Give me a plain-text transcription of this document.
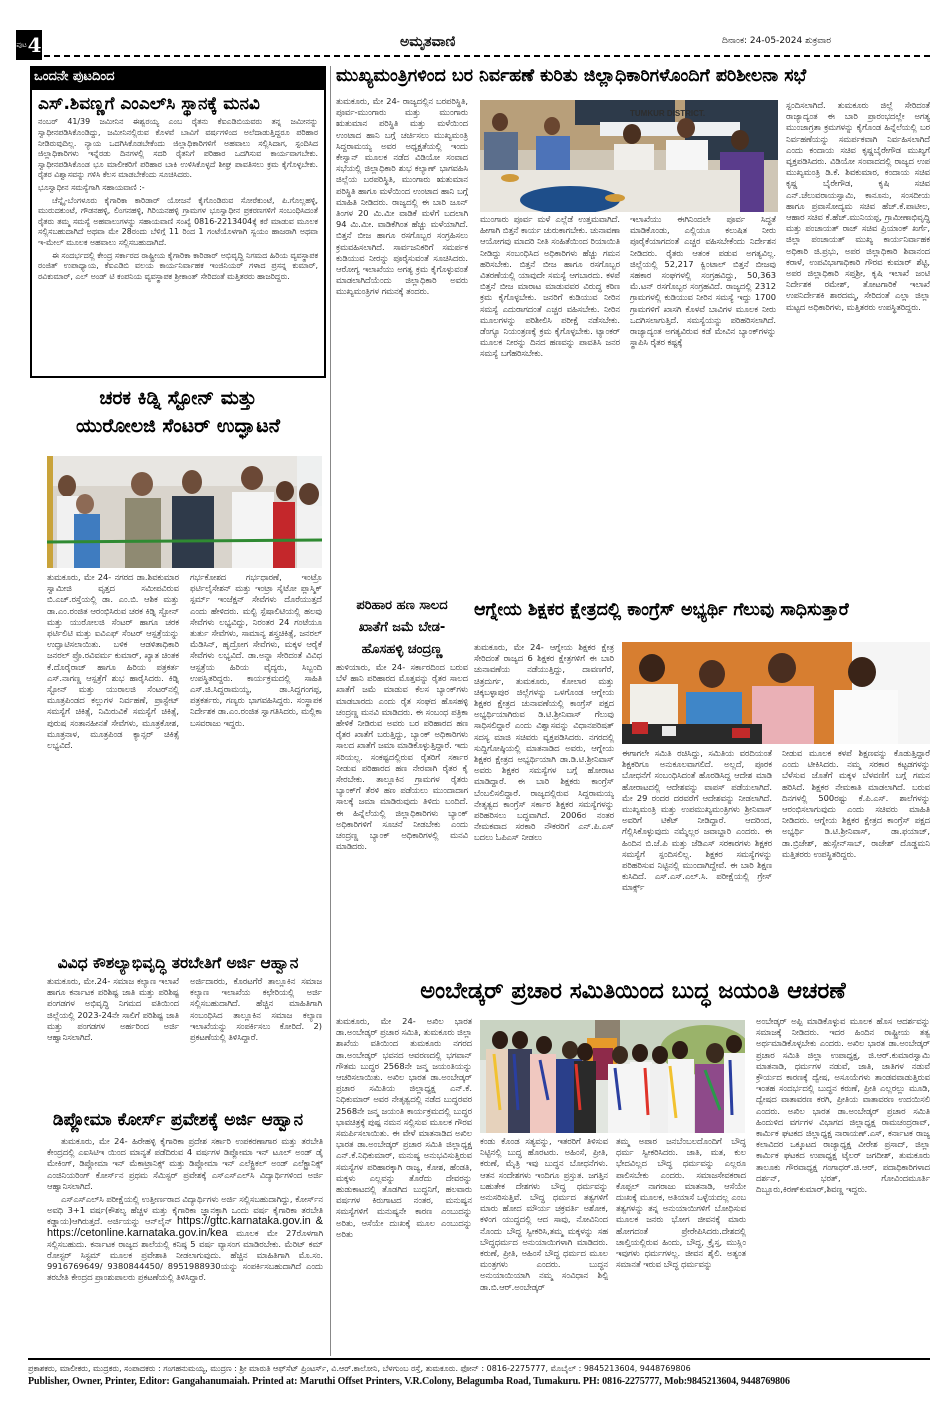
ಪುಟ 4	ಅಮೃತವಾಣಿ	ದಿನಾಂಕ: 24-05-2024 ಶುಕ್ರವಾರ
ಒಂದನೇ ಪುಟದಿಂದ
ಎಸ್.ಶಿವಣ್ಣಗೆ ಎಂಎಲ್‌ಸಿ ಸ್ಥಾನಕ್ಕೆ ಮನವಿ

ನಂಬರ್ 41/39 ಜಮೀನಿನ ಈಶ್ವರಯ್ಯ ಎಂಬ ರೈತನು ಕೆಐಎಡಿಬಿಯವರು ತನ್ನ ಜಮೀನನ್ನು ಸ್ವಾಧೀನಪಡಿಸಿಕೊಂಡಿದ್ದು, ಜಮೀನಿನಲ್ಲಿರುವ ಕೊಳವೆ ಬಾವಿಗೆ ವರ್ಷಗಳಿಂದ ಅಲೆದಾಡುತ್ತಿದ್ದರೂ ಪರಿಹಾರ ನೀಡಿರುವುದಿಲ್ಲ. ನ್ಯಾಯ ಒದಗಿಸಿಕೊಡಬೇಕೆಂದು ಜಿಲ್ಲಾಧಿಕಾರಿಗಳಿಗೆ ಅಹವಾಲು ಸಲ್ಲಿಸಿದಾಗ, ಸ್ಪಂದಿಸಿದ ಜಿಲ್ಲಾಧಿಕಾರಿಗಳು ಇನ್ನೆರಡು ದಿನಗಳಲ್ಲಿ ಸದರಿ ರೈತನಿಗೆ ಪರಿಹಾರ ಒದಗಿಸುವ ಕಾರ್ಯವಾಗಬೇಕು. ಸ್ವಾಧೀನಪಡಿಸಿಕೊಂಡ ಭೂ ಮಾಲೀಕರಿಗೆ ಪರಿಹಾರ ಬಾಕಿ ಉಳಿಸಿಕೊಳ್ಳದೆ ಶೀಘ್ರ ಪಾವತಿಸಲು ಕ್ರಮ ಕೈಗೊಳ್ಳಬೇಕು. ರೈತರ ವಿಶ್ವಾಸವನ್ನು ಗಳಿಸಿ ಕೆಲಸ ಮಾಡಬೇಕೆಂದು ಸೂಚಿಸಿದರು.

ಭೂಸ್ವಾಧೀನ ಸಮಸ್ಯೆಗಾಗಿ ಸಹಾಯವಾಣಿ :-

ಚೆನ್ನೈ-ಬೆಂಗಳೂರು ಕೈಗಾರಿಕಾ ಕಾರಿಡಾರ್ ಯೋಜನೆ ಕೈಗೊಂಡಿರುವ ಸೋರೆಕುಂಟೆ, ಪಿ.ಗೊಲ್ಲಹಳ್ಳಿ, ಮುರುದಕುಂಟೆ, ಗೌಡನಹಳ್ಳಿ, ಲಿಂಗನಹಳ್ಳಿ, ಗಿರಿಯನಹಳ್ಳಿ ಗ್ರಾಮಗಳ ಭೂಸ್ವಾಧೀನ ಪ್ರಕರಣಗಳಿಗೆ ಸಂಬಂಧಿಸಿದಂತೆ ರೈತರು ತಮ್ಮ ಸಮಸ್ಯೆ ಅಹವಾಲುಗಳನ್ನು ಸಹಾಯವಾಣಿ ಸಂಖ್ಯೆ 0816-2213404ಕ್ಕೆ ಕರೆ ಮಾಡುವ ಮೂಲಕ ಸಲ್ಲಿಸಬಹುದಾಗಿದೆ ಅಥವಾ ಮೇ 28ರಂದು ಬೆಳಿಗ್ಗೆ 11 ರಿಂದ 1 ಗಂಟೆಯೊಳಗಾಗಿ ಸ್ವಯಂ ಹಾಜರಾಗಿ ಅಥವಾ ಇ-ಮೇಲ್ ಮೂಲಕ ಅಹವಾಲು ಸಲ್ಲಿಸಬಹುದಾಗಿದೆ.

ಈ ಸಂದರ್ಭದಲ್ಲಿ ಕೇಂದ್ರ ಸರ್ಕಾರದ ರಾಷ್ಟ್ರೀಯ ಕೈಗಾರಿಕಾ ಕಾರಿಡಾರ್ ಅಭಿವೃದ್ಧಿ ನಿಗಮದ ಹಿರಿಯ ವ್ಯವಸ್ಥಾಪಕ ರಂಜಿತ್ ಉಪಾಧ್ಯಾಯ, ಕೆಐಎಡಿಬಿ ವಲಯ ಕಾರ್ಯನಿರ್ವಾಹಕ ಇಂಜಿನಿಯರ್ ಗಳಾದ ಪ್ರಸನ್ನ ಕುಮಾರ್, ರವಿಕುಮಾರ್, ಎಲ್ ಅಂಡ್ ಟಿ ಕಂಪನಿಯ ವ್ಯವಸ್ಥಾಪಕ ಶ್ರೀಕಾಂತ್ ಸೇರಿದಂತೆ ಮತ್ತಿತರರು ಹಾಜರಿದ್ದರು.

ಚರಕ ಕಿಡ್ನಿ ಸ್ಟೋನ್ ಮತ್ತು
ಯುರೋಲಜಿ ಸೆಂಟರ್ ಉದ್ಘಾಟನೆ
ತುಮಕೂರು, ಮೇ 24- ನಗರದ ಡಾ.ಶಿವಕುಮಾರ ಸ್ವಾಮೀಜಿ ವೃತ್ತದ ಸಮೀಪವಿರುವ ಬಿ.ಎಚ್.ರಸ್ತೆಯಲ್ಲಿ ಡಾ. ಎಂ.ಬಿ. ಆಶಿಕ ಮತ್ತು ಡಾ.ಎಂ.ರಂಜಿತ ಆರಂಭಿಸಿರುವ ಚರಕ ಕಿಡ್ನಿ ಸ್ಟೋನ್ ಮತ್ತು ಯುರೋಲಜಿ ಸೆಂಟರ್ ಹಾಗೂ ಚರಕ ಫರ್ಟಿಲಿಟಿ ಮತ್ತು ಐವಿಎಫ್ ಸೆಂಟರ್ ಆಸ್ಪತ್ರೆಯನ್ನು ಉದ್ಘಾಟಿಸಲಾಯಿತು. ಬಳಿಕ ಆಡಳಿತಾಧಿಕಾರಿ ಜನರಲ್ ಪ್ರೊ.ರವಿವರ್ಮ ಕುಮಾರ್, ಖ್ಯಾತ ಚಿಂತಕ ಕೆ.ದೊರೈರಾಜ್ ಹಾಗೂ ಹಿರಿಯ ಪತ್ರಕರ್ತ ಎಸ್.ನಾಗಣ್ಣ ಆಸ್ಪತ್ರೆಗೆ ಶುಭ ಹಾರೈಸಿದರು. ಕಿಡ್ನಿ ಸ್ಟೋನ್ ಮತ್ತು ಯುರಾಲಜಿ ಸೆಂಟರ್‌ನಲ್ಲಿ ಮೂತ್ರಪಿಂಡದ ಕಲ್ಲುಗಳ ನಿರ್ವಹಣೆ, ಪ್ರಾಸ್ಟೇಟ್ ಸಮಸ್ಯೆಗೆ ಚಿಕಿತ್ಸೆ, ನಿಮಿರುವಿಕೆ ಸಮಸ್ಯೆಗೆ ಚಿಕಿತ್ಸೆ, ಪುರುಷ ಸಂತಾನಹೀನತೆ ಸೇವೆಗಳು, ಮೂತ್ರಕೋಶ, ಮೂತ್ರನಾಳ, ಮೂತ್ರಪಿಂಡ ಕ್ಯಾನ್ಸರ್ ಚಿಕಿತ್ಸೆ ಲಭ್ಯವಿದೆ.
ಗರ್ಭಕೋಶದ ಗರ್ಭಧಾರಣೆ, ಇಂಟ್ರೊ ಫರ್ಟಿಲೈಸೇಶನ್ ಮತ್ತು ಇಂಟ್ರಾ ಸೈಟೋ ಪ್ಲಾಸ್ಮಿಕ್ ಸ್ಪರ್ಮ್ ಇಂಜೆಕ್ಷನ್ ಸೇವೆಗಳು ದೊರೆಯುತ್ತದೆ ಎಂದು ಹೇಳಿದರು. ಮಲ್ಟಿ ಸ್ಪೆಷಾಲಿಟಿಯಲ್ಲಿ ಹಲವು ಸೇವೆಗಳು ಲಭ್ಯವಿದ್ದು, ನಿರಂತರ 24 ಗಂಟೆಯೂ ತುರ್ತು ಸೇವೆಗಳು, ಸಾಮಾನ್ಯ ಶಸ್ತ್ರಚಿಕಿತ್ಸೆ, ಜನರಲ್ ಮೆಡಿಸಿನ್, ಹೃದ್ರೋಗ ಸೇವೆಗಳು, ಮಕ್ಕಳ ಆರೈಕೆ ಸೇವೆಗಳು ಲಭ್ಯವಿದೆ. ಡಾ.ಅನ್ನಾ ಸೇರಿದಂತೆ ವಿವಿಧ ಆಸ್ಪತ್ರೆಯ ಹಿರಿಯ ವೈದ್ಯರು, ಸಿಬ್ಬಂದಿ ಉಪಸ್ಥಿತರಿದ್ದರು. ಕಾರ್ಯಕ್ರಮದಲ್ಲಿ ಸಾಹಿತಿ ಎಸ್.ಜಿ.ಸಿದ್ದರಾಮಯ್ಯ, ಡಾ.ಸಿದ್ದಗಂಗಪ್ಪ, ಪತ್ರಕರ್ತರು, ಗಣ್ಯರು ಭಾಗವಹಿಸಿದ್ದರು. ಸಂಸ್ಥಾಪಕ ನಿರ್ದೇಶಕ ಡಾ.ಎಂ.ರಂಜಿತ ಸ್ವಾಗತಿಸಿದರು, ಮಲ್ಲಿಕಾ ಬಸವರಾಜು ಇದ್ದರು.
ವಿವಿಧ ಕೌಶಲ್ಯಾಭಿವೃದ್ಧಿ ತರಬೇತಿಗೆ ಅರ್ಜಿ ಆಹ್ವಾನ
ತುಮಕೂರು, ಮೇ.24- ಸಮಾಜ ಕಲ್ಯಾಣ ಇಲಾಖೆ ಹಾಗೂ ಕರ್ನಾಟಕ ಪರಿಶಿಷ್ಟ ಜಾತಿ ಮತ್ತು ಪರಿಶಿಷ್ಟ ಪಂಗಡಗಳ ಅಭಿವೃದ್ಧಿ ನಿಗಮದ ವತಿಯಿಂದ ಜಿಲ್ಲೆಯಲ್ಲಿ 2023-24ನೇ ಸಾಲಿಗೆ ಪರಿಶಿಷ್ಟ ಜಾತಿ ಮತ್ತು ಪಂಗಡಗಳ ಅರ್ಹರಿಂದ ಅರ್ಜಿ ಆಹ್ವಾನಿಸಲಾಗಿದೆ.
ಅರ್ಜಿದಾರರು, ಕೊರಟಗೆರೆ ತಾಲ್ಲೂಕಿನ ಸಮಾಜ ಕಲ್ಯಾಣ ಇಲಾಖೆಯ ಕಛೇರಿಯಲ್ಲಿ ಅರ್ಜಿ ಸಲ್ಲಿಸಬಹುದಾಗಿದೆ. ಹೆಚ್ಚಿನ ಮಾಹಿತಿಗಾಗಿ ಸಂಬಂಧಿಸಿದ ತಾಲ್ಲೂಕಿನ ಸಮಾಜ ಕಲ್ಯಾಣ ಇಲಾಖೆಯನ್ನು ಸಂಪರ್ಕಿಸಲು ಕೋರಿದೆ. 2) ಪ್ರಕಟಣೆಯಲ್ಲಿ ತಿಳಿಸಿದ್ದಾರೆ.
ಡಿಪ್ಲೋಮಾ ಕೋರ್ಸ್ ಪ್ರವೇಶಕ್ಕೆ ಅರ್ಜಿ ಆಹ್ವಾನ

ತುಮಕೂರು, ಮೇ 24- ಹಿರೇಹಳ್ಳಿ ಕೈಗಾರಿಕಾ ಪ್ರದೇಶ ಸರ್ಕಾರಿ ಉಪಕರಣಾಗಾರ ಮತ್ತು ತರಬೇತಿ ಕೇಂದ್ರದಲ್ಲಿ ಎಐಸಿಟಿಇ ಯಿಂದ ಮಾನ್ಯತೆ ಪಡೆದಿರುವ 4 ವರ್ಷಗಳ ಡಿಪ್ಲೋಮಾ ಇನ್ ಟೂಲ್ ಅಂಡ್ ಡೈ ಮೇಕಿಂಗ್, ಡಿಪ್ಲೋಮಾ ಇನ್ ಮೆಕಾಟ್ರಾನಿಕ್ಸ್ ಮತ್ತು ಡಿಪ್ಲೋಮಾ ಇನ್ ಎಲೆಕ್ಟ್ರಿಕಲ್ ಅಂಡ್ ಎಲೆಕ್ಟ್ರಾನಿಕ್ಸ್ ಎಂಜಿನಿಯರಿಂಗ್ ಕೋರ್ಸ್‌ನ ಪ್ರಥಮ ಸೆಮಿಸ್ಟರ್ ಪ್ರವೇಶಕ್ಕೆ ಎಸ್‌ಎಸ್‌ಎಲ್‌ಸಿ ವಿದ್ಯಾರ್ಥಿಗಳಿಂದ ಅರ್ಜಿ ಆಹ್ವಾನಿಸಲಾಗಿದೆ.

ಎಸ್‌ಎಸ್‌ಎಲ್‌ಸಿ ಪರೀಕ್ಷೆಯಲ್ಲಿ ಉತ್ತೀರ್ಣರಾದ ವಿದ್ಯಾರ್ಥಿಗಳು ಅರ್ಜಿ ಸಲ್ಲಿಸಬಹುದಾಗಿದ್ದು, ಕೋರ್ಸ್‌ನ ಅವಧಿ 3+1 ವರ್ಷ(ಕೌಶಲ್ಯ ಹೆಚ್ಚಳ ಮತ್ತು ಕೈಗಾರಿಕಾ ಜ್ಞಾನಕ್ಕಾಗಿ ಒಂದು ವರ್ಷ ಕೈಗಾರಿಕಾ ತರಬೇತಿ ಕಡ್ಡಾಯ)ಆಗಿರುತ್ತದೆ. ಅರ್ಜಿಯನ್ನು ಆನ್‌ಲೈನ್ https://gttc.karnataka.gov.in & https://cetonline.karnataka.gov.in/kea ಮೂಲಕ ಮೇ 27ರೊಳಗಾಗಿ ಸಲ್ಲಿಸಬಹುದು. ಕರ್ನಾಟಕ ರಾಜ್ಯದ ಶಾಲೆಯಲ್ಲಿ ಕನಿಷ್ಠ 5 ವರ್ಷ ವ್ಯಾಸಂಗ ಮಾಡಿರಬೇಕು. ಮೆರಿಟ್ ಕಮ್ ರೋಸ್ಟರ್ ಸಿಸ್ಟಮ್ ಮೂಲಕ ಪ್ರವೇಶಾತಿ ನೀಡಲಾಗುವುದು. ಹೆಚ್ಚಿನ ಮಾಹಿತಿಗಾಗಿ ಮೊ.ಸಂ. 9916769649/ 9380844450/ 8951988930ಯನ್ನು ಸಂಪರ್ಕಿಸಬಹುದಾಗಿದೆ ಎಂದು ತರಬೇತಿ ಕೇಂದ್ರದ ಪ್ರಾಂಶುಪಾಲರು ಪ್ರಕಟಣೆಯಲ್ಲಿ ತಿಳಿಸಿದ್ದಾರೆ.

ಮುಖ್ಯಮಂತ್ರಿಗಳಿಂದ ಬರ ನಿರ್ವಹಣೆ ಕುರಿತು ಜಿಲ್ಲಾಧಿಕಾರಿಗಳೊಂದಿಗೆ ಪರಿಶೀಲನಾ ಸಭೆ
ತುಮಕೂರು, ಮೇ 24- ರಾಜ್ಯದಲ್ಲಿನ ಬರಪರಿಸ್ಥಿತಿ, ಪೂರ್ವ-ಮುಂಗಾರು ಮತ್ತು ಮುಂಗಾರು ಋತುಮಾನ ಪರಿಸ್ಥಿತಿ ಮತ್ತು ಮಳೆಯಿಂದ ಉಂಟಾದ ಹಾನಿ ಬಗ್ಗೆ ಚರ್ಚಿಸಲು ಮುಖ್ಯಮಂತ್ರಿ ಸಿದ್ದರಾಮಯ್ಯ ಅವರ ಅಧ್ಯಕ್ಷತೆಯಲ್ಲಿ ಇಂದು ಕೇಸ್ವಾನ್ ಮೂಲಕ ನಡೆದ ವಿಡಿಯೋ ಸಂವಾದ ಸಭೆಯಲ್ಲಿ ಜಿಲ್ಲಾಧಿಕಾರಿ ಶುಭ ಕಲ್ಯಾಣ್ ಭಾಗವಹಿಸಿ ಜಿಲ್ಲೆಯ ಬರಪರಿಸ್ಥಿತಿ, ಮುಂಗಾರು ಋತುಮಾನ ಪರಿಸ್ಥಿತಿ ಹಾಗೂ ಮಳೆಯಿಂದ ಉಂಟಾದ ಹಾನಿ ಬಗ್ಗೆ ಮಾಹಿತಿ ನೀಡಿದರು. ರಾಜ್ಯದಲ್ಲಿ ಈ ಬಾರಿ ಜೂನ್ ತಿಂಗಳ 20 ಮಿ.ಮೀ ವಾಡಿಕೆ ಮಳೆಗೆ ಬದಲಾಗಿ 94 ಮಿ.ಮೀ. ವಾಡಿಕೆಗಿಂತ ಹೆಚ್ಚು ಮಳೆಯಾಗಿದೆ. ಬಿತ್ತನೆ ಬೀಜ ಹಾಗೂ ರಸಗೊಬ್ಬರ ಸಂಗ್ರಹಿಸಲು ಕ್ರಮವಹಿಸಲಾಗಿದೆ. ಸಾರ್ವಜನಿಕರಿಗೆ ಸಮರ್ಪಕ ಕುಡಿಯುವ ನೀರನ್ನು ಪೂರೈಸುವಂತೆ ಸೂಚಿಸಿದರು. ಆರೋಗ್ಯ ಇಲಾಖೆಯು ಅಗತ್ಯ ಕ್ರಮ ಕೈಗೊಳ್ಳುವಂತೆ ಮಾಡಲಾಗಿದೆಯೆಂದು ಜಿಲ್ಲಾಧಿಕಾರಿ ಅವರು ಮುಖ್ಯಮಂತ್ರಿಗಳ ಗಮನಕ್ಕೆ ತಂದರು.
TUMKUR DISTRICT.
ಮುಂಗಾರು ಪೂರ್ವ ಮಳೆ ಎಲ್ಲೆಡೆ ಉತ್ತಮವಾಗಿದೆ. ಹೀಗಾಗಿ ಬಿತ್ತನೆ ಕಾರ್ಯ ಚುರುಕಾಗಬೇಕು. ಚುನಾವಣಾ ಆಯೋಗವು ಮಾದರಿ ನೀತಿ ಸಂಹಿತೆಯಿಂದ ರಿಯಾಯಿತಿ ನೀಡಿದ್ದು ಸಂಬಂಧಿಸಿದ ಅಧಿಕಾರಿಗಳು ಹೆಚ್ಚು ಗಮನ ಹರಿಸಬೇಕು. ಬಿತ್ತನೆ ಬೀಜ ಹಾಗೂ ರಸಗೊಬ್ಬರ ವಿತರಣೆಯಲ್ಲಿ ಯಾವುದೇ ಸಮಸ್ಯೆ ಆಗಬಾರದು. ಕಳಪೆ ಬಿತ್ತನೆ ಬೀಜ ಮಾರಾಟ ಮಾಡುವವರ ವಿರುದ್ಧ ಕಠಿಣ ಕ್ರಮ ಕೈಗೊಳ್ಳಬೇಕು. ಜನರಿಗೆ ಕುಡಿಯುವ ನೀರಿನ ಸಮಸ್ಯೆ ಎದುರಾಗದಂತೆ ಎಚ್ಚರ ವಹಿಸಬೇಕು. ನೀರಿನ ಮೂಲಗಳನ್ನು ಪರಿಶೀಲಿಸಿ ಪರೀಕ್ಷೆ ನಡೆಸಬೇಕು. ಡೆಂಗ್ಯೂ ನಿಯಂತ್ರಣಕ್ಕೆ ಕ್ರಮ ಕೈಗೊಳ್ಳಬೇಕು. ಟ್ಯಾಂಕರ್ ಮೂಲಕ ನೀರನ್ನು ದಿನದ ಹಣವನ್ನು ಪಾವತಿಸಿ ಜನರ ಸಮಸ್ಯೆ ಬಗೆಹರಿಸಬೇಕು.
ಇಲಾಖೆಯು ಈಗಿನಿಂದಲೇ ಪೂರ್ವ ಸಿದ್ಧತೆ ಮಾಡಿಕೊಂಡು, ಎಲ್ಲಿಯೂ ಕಲುಷಿತ ನೀರು ಪೂರೈಕೆಯಾಗದಂತೆ ಎಚ್ಚರ ವಹಿಸಬೇಕೆಂದು ನಿರ್ದೇಶನ ನೀಡಿದರು. ರೈತರು ಆತಂಕ ಪಡುವ ಅಗತ್ಯವಿಲ್ಲ. ಜಿಲ್ಲೆಯಲ್ಲಿ 52,217 ಕ್ವಿಂಟಾಲ್ ಬಿತ್ತನೆ ಬೀಜವು ಸಹಕಾರ ಸಂಘಗಳಲ್ಲಿ ಸಂಗ್ರಹವಿದ್ದು, 50,363 ಮೆ.ಟನ್ ರಸಗೊಬ್ಬರ ಸಂಗ್ರಹವಿದೆ. ರಾಜ್ಯದಲ್ಲಿ 2312 ಗ್ರಾಮಗಳಲ್ಲಿ ಕುಡಿಯುವ ನೀರಿನ ಸಮಸ್ಯೆ ಇದ್ದು 1700 ಗ್ರಾಮಗಳಿಗೆ ಖಾಸಗಿ ಕೊಳವೆ ಬಾವಿಗಳ ಮೂಲಕ ನೀರು ಒದಗಿಸಲಾಗುತ್ತಿದೆ. ಸಮಸ್ಯೆಯನ್ನು ಪರಿಹರಿಸಲಾಗಿದೆ. ರಾಜ್ಯಾದ್ಯಂತ ಅಗತ್ಯವಿರುವ ಕಡೆ ಮೇವಿನ ಬ್ಯಾಂಕ್‌ಗಳನ್ನು ಸ್ಥಾಪಿಸಿ ರೈತರ ಕಷ್ಟಕ್ಕೆ
ಸ್ಪಂದಿಸಲಾಗಿದೆ. ತುಮಕೂರು ಜಿಲ್ಲೆ ಸೇರಿದಂತೆ ರಾಜ್ಯಾದ್ಯಂತ ಈ ಬಾರಿ ಪ್ರಾರಂಭದಲ್ಲೇ ಅಗತ್ಯ ಮುಂಜಾಗ್ರತಾ ಕ್ರಮಗಳನ್ನು ಕೈಗೊಂಡ ಹಿನ್ನೆಲೆಯಲ್ಲಿ ಬರ ನಿರ್ವಹಣೆಯನ್ನು ಸಮರ್ಪಕವಾಗಿ ನಿರ್ವಹಿಸಲಾಗಿದೆ ಎಂದು ಕಂದಾಯ ಸಚಿವ ಕೃಷ್ಣಬೈರೇಗೌಡ ಮುಖ್ಯಗೆ ವ್ಯಕ್ತಪಡಿಸಿದರು. ವಿಡಿಯೋ ಸಂವಾದದಲ್ಲಿ ರಾಜ್ಯದ ಉಪ ಮುಖ್ಯಮಂತ್ರಿ ಡಿ.ಕೆ. ಶಿವಕುಮಾರ, ಕಂದಾಯ ಸಚಿವ ಕೃಷ್ಣ ಬೈರೇಗೌಡ, ಕೃಷಿ ಸಚಿವ ಎನ್.ಚೆಲುವರಾಯಸ್ವಾಮಿ, ಕಾನೂನು, ಸಂಸದೀಯ ಹಾಗೂ ಪ್ರವಾಸೋದ್ಯಮ ಸಚಿವ ಹೆಚ್.ಕೆ.ಪಾಟೀಲ, ಆಹಾರ ಸಚಿವ ಕೆ.ಹೆಚ್.ಮುನಿಯಪ್ಪ, ಗ್ರಾಮೀಣಾಭಿವೃದ್ಧಿ ಮತ್ತು ಪಂಚಾಯತ್ ರಾಜ್ ಸಚಿವ ಪ್ರಿಯಾಂಕ್ ಖರ್ಗೆ, ಜಿಲ್ಲಾ ಪಂಚಾಯತ್ ಮುಖ್ಯ ಕಾರ್ಯನಿರ್ವಾಹಕ ಅಧಿಕಾರಿ ಜಿ.ಪ್ರಭು, ಅಪರ ಜಿಲ್ಲಾಧಿಕಾರಿ ಶಿವಾನಂದ ಕರಾಳೆ, ಉಪವಿಭಾಗಾಧಿಕಾರಿ ಗೌರವ ಕುಮಾರ್ ಶೆಟ್ಟಿ, ಅಪರ ಜಿಲ್ಲಾಧಿಕಾರಿ ಸಪ್ತಶ್ರೀ, ಕೃಷಿ ಇಲಾಖೆ ಜಂಟಿ ನಿರ್ದೇಶಕ ರಮೇಶ್, ತೋಟಗಾರಿಕೆ ಇಲಾಖೆ ಉಪನಿರ್ದೇಶಕಿ ಶಾರದಮ್ಮ, ಸೇರಿದಂತೆ ಎಲ್ಲಾ ಜಿಲ್ಲಾ ಮಟ್ಟದ ಅಧಿಕಾರಿಗಳು, ಮತ್ತಿತರರು ಉಪಸ್ಥಿತರಿದ್ದರು.
ಪರಿಹಾರ ಹಣ ಸಾಲದ
ಖಾತೆಗೆ ಜಮೆ ಬೇಡ-
ಹೊಸಹಳ್ಳಿ ಚಂದ್ರಣ್ಣ
ಹುಳಿಯಾರು, ಮೇ 24- ಸರ್ಕಾರದಿಂದ ಬರುವ ಬೆಳೆ ಹಾನಿ ಪರಿಹಾರದ ಮೊತ್ತವನ್ನು ರೈತರ ಸಾಲದ ಖಾತೆಗೆ ಜಮೆ ಮಾಡುವ ಕೆಲಸ ಬ್ಯಾಂಕ್‌ಗಳು ಮಾಡಬಾರದು ಎಂದು ರೈತ ಸಂಘದ ಹೊಸಹಳ್ಳಿ ಚಂದ್ರಣ್ಣ ಮನವಿ ಮಾಡಿದರು. ಈ ಸಂಬಂಧ ಪತ್ರಿಕಾ ಹೇಳಿಕೆ ನೀಡಿರುವ ಅವರು ಬರ ಪರಿಹಾರದ ಹಣ ರೈತರ ಖಾತೆಗೆ ಬರುತ್ತಿದ್ದು, ಬ್ಯಾಂಕ್ ಅಧಿಕಾರಿಗಳು ಸಾಲದ ಖಾತೆಗೆ ಜಮಾ ಮಾಡಿಕೊಳ್ಳುತ್ತಿದ್ದಾರೆ. ಇದು ಸರಿಯಲ್ಲ. ಸಂಕಷ್ಟದಲ್ಲಿರುವ ರೈತರಿಗೆ ಸರ್ಕಾರ ನೀಡುವ ಪರಿಹಾರದ ಹಣ ನೇರವಾಗಿ ರೈತರ ಕೈ ಸೇರಬೇಕು. ತಾಲ್ಲೂಕಿನ ಗ್ರಾಮಗಳ ರೈತರು ಬ್ಯಾಂಕ್‌ಗೆ ತೆರಳಿ ಹಣ ಪಡೆಯಲು ಮುಂದಾದಾಗ ಸಾಲಕ್ಕೆ ಜಮಾ ಮಾಡಿರುವುದು ತಿಳಿದು ಬಂದಿದೆ. ಈ ಹಿನ್ನೆಲೆಯಲ್ಲಿ ಜಿಲ್ಲಾಧಿಕಾರಿಗಳು ಬ್ಯಾಂಕ್ ಅಧಿಕಾರಿಗಳಿಗೆ ಸೂಚನೆ ನೀಡಬೇಕು ಎಂದು ಚಂದ್ರಣ್ಣ ಬ್ಯಾಂಕ್ ಅಧಿಕಾರಿಗಳಲ್ಲಿ ಮನವಿ ಮಾಡಿದರು.
ಆಗ್ನೇಯ ಶಿಕ್ಷಕರ ಕ್ಷೇತ್ರದಲ್ಲಿ ಕಾಂಗ್ರೆಸ್ ಅಭ್ಯರ್ಥಿ ಗೆಲುವು ಸಾಧಿಸುತ್ತಾರೆ
ತುಮಕೂರು, ಮೇ 24- ಆಗ್ನೇಯ ಶಿಕ್ಷಕರ ಕ್ಷೇತ್ರ ಸೇರಿದಂತೆ ರಾಜ್ಯದ 6 ಶಿಕ್ಷಕರ ಕ್ಷೇತ್ರಗಳಿಗೆ ಈ ಬಾರಿ ಚುನಾವಣೆಯ ನಡೆಯುತ್ತಿದ್ದು, ದಾವಣಗೆರೆ, ಚಿತ್ರದುರ್ಗ, ತುಮಕೂರು, ಕೋಲಾರ ಮತ್ತು ಚಿಕ್ಕಬಳ್ಳಾಪುರ ಜಿಲ್ಲೆಗಳನ್ನು ಒಳಗೊಂಡ ಆಗ್ನೇಯ ಶಿಕ್ಷಕರ ಕ್ಷೇತ್ರದ ಚುನಾವಣೆಯಲ್ಲಿ ಕಾಂಗ್ರೆಸ್ ಪಕ್ಷದ ಅಭ್ಯರ್ಥಿಯಾಗಿರುವ ಡಿ.ಟಿ.ಶ್ರೀನಿವಾಸ್ ಗೆಲುವು ಸಾಧಿಸಲಿದ್ದಾರೆ ಎಂದು ವಿಶ್ವಾಸವನ್ನು ವಿಧಾನಪರಿಷತ್ ಸದಸ್ಯ ಮಾಜಿ ಸಚಿವರು ವ್ಯಕ್ತಪಡಿಸಿದರು. ನಗರದಲ್ಲಿ ಸುದ್ದಿಗೋಷ್ಠಿಯಲ್ಲಿ ಮಾತನಾಡಿದ ಅವರು, ಆಗ್ನೇಯ ಶಿಕ್ಷಕರ ಕ್ಷೇತ್ರದ ಅಭ್ಯರ್ಥಿಯಾಗಿ ಡಾ.ಡಿ.ಟಿ.ಶ್ರೀನಿವಾಸ್ ಅವರು ಶಿಕ್ಷಕರ ಸಮಸ್ಯೆಗಳ ಬಗ್ಗೆ ಹೋರಾಟ ಮಾಡಿದ್ದಾರೆ. ಈ ಬಾರಿ ಶಿಕ್ಷಕರು ಕಾಂಗ್ರೆಸ್ ಬೆಂಬಲಿಸಲಿದ್ದಾರೆ. ರಾಜ್ಯದಲ್ಲಿರುವ ಸಿದ್ದರಾಮಯ್ಯ ನೇತೃತ್ವದ ಕಾಂಗ್ರೆಸ್ ಸರ್ಕಾರ ಶಿಕ್ಷಕರ ಸಮಸ್ಯೆಗಳನ್ನು ಪರಿಹರಿಸಲು ಬದ್ಧವಾಗಿದೆ. 2006ರ ನಂತರ ನೇಮಕವಾದ ಸರಕಾರಿ ನೌಕರರಿಗೆ ಎನ್.ಪಿ.ಎಸ್ ಬದಲು ಓಪಿಎಸ್ ನೀಡಲು
ಈಗಾಗಲೇ ಸಮಿತಿ ರಚಿಸಿದ್ದು, ಸಮಿತಿಯ ವರದಿಯಂತೆ ಶಿಕ್ಷಕರಿಗೂ ಅನುಕೂಲವಾಗಲಿದೆ. ಅಲ್ಲದೆ, ಪೂರಕ ಬೋಧನೆಗೆ ಸಂಬಂಧಿಸಿದಂತೆ ಹೊರಡಿಸಿದ್ದ ಆದೇಶ ಮಾಡಿ ಹೋರಾಟದಲ್ಲಿ ಆದೇಶವನ್ನು ವಾಪಸ್ ಪಡೆಯಲಾಗಿದೆ. ಮೇ 29 ರಂದರ ದರವರೆಗೆ ಆದೇಶವನ್ನು ನೀಡಲಾಗಿದೆ. ಮುಖ್ಯಮಂತ್ರಿ ಮತ್ತು ಉಪಮುಖ್ಯಮಂತ್ರಿಗಳು ಶ್ರೀನಿವಾಸ್ ಅವರಿಗೆ ಟಿಕೆಟ್ ನೀಡಿದ್ದಾರೆ. ಆದರಿಂದ, ಗೆಲ್ಲಿಸಿಕೊಳ್ಳುವುದು ನಮ್ಮೆಲ್ಲರ ಜವಾಬ್ದಾರಿ ಎಂದರು. ಈ ಹಿಂದಿನ ಬಿ.ಜೆ.ಪಿ ಮತ್ತು ಜೆಡಿಎಸ್ ಸರಕಾರಗಳು ಶಿಕ್ಷಕರ ಸಮಸ್ಯೆಗೆ ಸ್ಪಂದಿಸಲಿಲ್ಲ. ಶಿಕ್ಷಕರ ಸಮಸ್ಯೆಗಳನ್ನು ಪರಿಹರಿಸುವ ನಿಟ್ಟಿನಲ್ಲಿ ಮುಂದಾಗಿದ್ದೇವೆ. ಈ ಬಾರಿ ಶಿಕ್ಷಣ ಕುಸಿದಿದೆ. ಎಸ್.ಎಸ್.ಎಲ್.ಸಿ. ಪರೀಕ್ಷೆಯಲ್ಲಿ ಗ್ರೇಸ್ ಮಾರ್ಕ್ಸ್
ನೀಡುವ ಮೂಲಕ ಕಳಪೆ ಶಿಕ್ಷಣವನ್ನು ಕೊಡುತ್ತಿದ್ದಾರೆ ಎಂದು ಟೀಕಿಸಿದರು. ನಮ್ಮ ಸರಕಾರ ಕಟ್ಟಡಗಳನ್ನು ಬೆಳೆಸುವ ಜೊತೆಗೆ ಮಕ್ಕಳ ಬೆಳವಣಿಗೆ ಬಗ್ಗೆ ಗಮನ ಹರಿಸಿದೆ. ಶಿಕ್ಷಕರ ನೇಮಕಾತಿ ಮಾಡಲಾಗಿದೆ. ಬರುವ ದಿನಗಳಲ್ಲಿ 500ರಷ್ಟು ಕೆ.ಪಿ.ಎಸ್. ಶಾಲೆಗಳನ್ನು ಆರಂಭಿಸಲಾಗುವುದು ಎಂದು ಸಚಿವರು ಮಾಹಿತಿ ನೀಡಿದರು. ಆಗ್ನೇಯ ಶಿಕ್ಷಕರ ಕ್ಷೇತ್ರದ ಕಾಂಗ್ರೆಸ್ ಪಕ್ಷದ ಅಭ್ಯರ್ಥಿ ಡಿ.ಟಿ.ಶ್ರೀನಿವಾಸ್, ಡಾ.ಫಯಾಜ್, ಡಾ.ಬ್ರಿಜೇಶ್, ಹುಸ್ಸೇನ್‌ಸಾಬ್, ರಾಜೇಶ್ ದೊಡ್ಡಮನಿ ಮತ್ತಿತರರು ಉಪಸ್ಥಿತರಿದ್ದರು.
ಅಂಬೇಡ್ಕರ್ ಪ್ರಚಾರ ಸಮಿತಿಯಿಂದ ಬುದ್ಧ ಜಯಂತಿ ಆಚರಣೆ
ತುಮಕೂರು, ಮೇ 24- ಅಖಿಲ ಭಾರತ ಡಾ.ಅಂಬೇಡ್ಕರ್ ಪ್ರಚಾರ ಸಮಿತಿ, ತುಮಕೂರು ಜಿಲ್ಲಾ ಶಾಖೆಯ ವತಿಯಿಂದ ತುಮಕೂರು ನಗರದ ಡಾ.ಅಂಬೇಡ್ಕರ್ ಭವನದ ಆವರಣದಲ್ಲಿ ಭಗವಾನ್ ಗೌತಮ ಬುದ್ಧರ 2568ನೇ ಜನ್ಮ ಜಯಂತಿಯನ್ನು ಆಚರಿಸಲಾಯಿತು. ಅಖಿಲ ಭಾರತ ಡಾ.ಅಂಬೇಡ್ಕರ್ ಪ್ರಚಾರ ಸಮಿತಿಯ ಜಿಲ್ಲಾಧ್ಯಕ್ಷ ಎನ್.ಕೆ. ನಿಧಿಕುಮಾರ್ ಅವರ ನೇತೃತ್ವದಲ್ಲಿ ನಡೆದ ಬುದ್ಧರವರ 2568ನೇ ಜನ್ಮ ಜಯಂತಿ ಕಾರ್ಯಕ್ರಮದಲ್ಲಿ ಬುದ್ಧರ ಭಾವಚಿತ್ರಕ್ಕೆ ಪುಷ್ಪ ನಮನ ಸಲ್ಲಿಸುವ ಮೂಲಕ ಗೌರವ ಸಮರ್ಪಿಸಲಾಯಿತು. ಈ ವೇಳೆ ಮಾತನಾಡಿದ ಅಖಿಲ ಭಾರತ ಡಾ.ಅಂಬೇಡ್ಕರ್ ಪ್ರಚಾರ ಸಮಿತಿ ಜಿಲ್ಲಾಧ್ಯಕ್ಷ ಎನ್.ಕೆ.ನಿಧಿಕುಮಾರ್, ಮನುಷ್ಯ ಅನುಭವಿಸುತ್ತಿರುವ ಸಮಸ್ಯೆಗಳ ಪರಿಹಾರಕ್ಕಾಗಿ ರಾಜ್ಯ, ಕೋಶ, ಹೆಂಡತಿ, ಮಕ್ಕಳು ಎಲ್ಲವನ್ನು ತೊರೆದು ದೇವರನ್ನು ಹುಡುಕಾಟದಲ್ಲಿ ತೊಡಗಿದ ಬುದ್ಧನಿಗೆ, ಹಲವಾರು ವರ್ಷಗಳ ಕಿರುಗಾಟದ ನಂತರ, ಮನುಷ್ಯನ ಸಮಸ್ಯೆಗಳಿಗೆ ಮನುಷ್ಯನೇ ಕಾರಣ ಎಂಬುದನ್ನು ಅರಿತು, ಆಸೆಯೇ ದುಃಖಕ್ಕೆ ಮೂಲ ಎಂಬುದನ್ನು ಅರಿತು
ಕಂಡು ಕೊಂಡ ಸತ್ಯವನ್ನು, ಇತರರಿಗೆ ತಿಳಿಸುವ ನಿಟ್ಟಿನಲ್ಲಿ ಬುದ್ಧ ಹೊರಟರು. ಅಹಿಂಸೆ, ಪ್ರೀತಿ, ಕರುಣೆ, ಮೈತ್ರಿ ಇವು ಬುದ್ಧನ ಬೋಧನೆಗಳು. ಆತನ ಸಂದೇಶಗಳು ಇಂದಿಗೂ ಪ್ರಸ್ತುತ. ಜಗತ್ತಿನ ಬಹುತೇಕ ದೇಶಗಳು ಬೌದ್ಧ ಧರ್ಮವನ್ನು ಅನುಸರಿಸುತ್ತಿವೆ. ಬೌದ್ಧ ಧರ್ಮದ ತತ್ವಗಳಿಗೆ ಮಾರು ಹೋದ ಮೌರ್ಯ ಚಕ್ರವರ್ತಿ ಅಶೋಕ, ಕಳಿಂಗ ಯುದ್ಧದಲ್ಲಿ ಆದ ಸಾವು, ನೋವಿನಿಂದ ನೊಂದು ಬೌದ್ಧ ಸ್ವೀಕರಿಸಿ,ತಮ್ಮ ಮಕ್ಕಳನ್ನು ಸಹ ಬೌದ್ಧಧರ್ಮದ ಅನುಯಾಯಿಗಳಾಗಿ ಮಾಡಿದರು. ಕರುಣೆ, ಪ್ರೀತಿ, ಅಹಿಂಸೆ ಬೌದ್ಧ ಧರ್ಮದ ಮೂಲ ಮಂತ್ರಗಳು ಎಂದರು. ಬುದ್ಧನ ಅನುಯಾಯಿಯಾಗಿ ನಮ್ಮ ಸಂವಿಧಾನ ಶಿಲ್ಪಿ ಡಾ.ಬಿ.ಆರ್.ಅಂಬೇಡ್ಕರ್
ತಮ್ಮ ಅಪಾರ ಜನಬೆಂಬಲದೊಂದಿಗೆ ಬೌದ್ಧ ಧರ್ಮ ಸ್ವೀಕರಿಸಿದರು. ಜಾತಿ, ಮತ, ಕುಲ ಭೇದವಿಲ್ಲದ ಬೌದ್ಧ ಧರ್ಮವನ್ನು ಎಲ್ಲರೂ ಪಾಲಿಸಬೇಕು ಎಂದರು. ಸಮಾಜಸೇವಕರಾದ ಕೊಪ್ಪಲ್ ನಾಗರಾಜು ಮಾತನಾಡಿ, ಆಸೆಯೇ ದುಃಖಕ್ಕೆ ಮೂಲಕ, ಅತಿಯಾಸೆ ಒಳ್ಳೆಯದಲ್ಲ ಎಂಬ ತತ್ವಗಳನ್ನು ತನ್ನ ಅನುಯಾಯಿಗಳಿಗೆ ಬೋಧಿಸುವ ಮೂಲಕ ಜನರು ಭೋಗ ಜೀವನಕ್ಕೆ ಮಾರು ಹೋಗದಂತೆ ಪ್ರೇರೇಪಿಸಿದರು.ದೇಶದಲ್ಲಿ ಚಾಲ್ತಿಯಲ್ಲಿರುವ ಹಿಂದು, ಬೌದ್ಧ, ಕ್ರೈಸ್ತ, ಮುಸ್ಲಿಂ ಇವುಗಳು ಧರ್ಮಗಳಲ್ಲ. ಜೀವನ ಶೈಲಿ. ಅತ್ಯಂತ ಸಮಾನತೆ ಇರುವ ಬೌದ್ಧ ಧರ್ಮವನ್ನು
ಅಂಬೇಡ್ಕರ್ ಅಪ್ಪಿ ಮಾಡಿಕೊಳ್ಳುವ ಮೂಲಕ ಹೊಸ ಆದರ್ಶವನ್ನು ಸಮಾಜಕ್ಕೆ ನೀಡಿದರು. ಇದರ ಹಿಂದಿನ ರಾಷ್ಟ್ರೀಯ ತತ್ವ ಅರ್ಥಮಾಡಿಕೊಳ್ಳಬೇಕು ಎಂದರು. ಅಖಿಲ ಭಾರತ ಡಾ.ಅಂಬೇಡ್ಕರ್ ಪ್ರಚಾರ ಸಮಿತಿ ಜಿಲ್ಲಾ ಉಪಾಧ್ಯಕ್ಷ, ಜಿ.ಆರ್.ಕುಮಾರಸ್ವಾಮಿ ಮಾತನಾಡಿ, ಧರ್ಮಗಳ ನಡುವೆ, ಜಾತಿ, ಜಾತಿಗಳ ನಡುವೆ ಕ್ರೌರ್ಯದ ಕಾರಣಕ್ಕೆ ದ್ವೇಷ, ಅಸೂಯೆಗಳು ತಾಂಡವವಾಡುತ್ತಿರುವ ಇಂತಹ ಸಂದರ್ಭದಲ್ಲಿ ಬುದ್ಧನ ಕರುಣೆ, ಪ್ರೀತಿ ಎಲ್ಲರಲ್ಲು ಮೂಡಿ, ದ್ವೇಷದ ವಾತಾವರಣ ಕರಗಿ, ಪ್ರೀತಿಯ ವಾತಾವರಣ ಉದಯಿಸಲಿ ಎಂದರು. ಅಖಿಲ ಭಾರತ ಡಾ.ಅಂಬೇಡ್ಕರ್ ಪ್ರಚಾರ ಸಮಿತಿ ಹಿಂದುಳಿದ ವರ್ಗಗಳ ವಿಭಾಗದ ಜಿಲ್ಲಾಧ್ಯಕ್ಷ ರಾಮಚಂದ್ರರಾವ್, ಕಾರ್ಮಿಕ ಘಟಕದ ಜಿಲ್ಲಾಧ್ಯಕ್ಷ ನಾರಾಯಣ್.ಎಸ್, ಕರ್ನಾಟಕ ರಾಜ್ಯ ಕಲಾವಿದರ ಒಕ್ಕೂಟದ ರಾಜ್ಯಾಧ್ಯಕ್ಷ ವೀರೇಶ ಪ್ರಸಾದ್, ಜಿಲ್ಲಾ ಕಾರ್ಮಿಕ ಘಟಕದ ಉಪಾಧ್ಯಕ್ಷ ಟೈಲರ್ ಜಗದೀಶ್, ತುಮಕೂರು ತಾಲೂಕು ಗೌರವಾಧ್ಯಕ್ಷ ಗಂಗಾಧರ್.ಜಿ.ಆರ್, ಪದಾಧಿಕಾರಿಗಳಾದ ದರ್ಶನ್, ಭರತ್, ಗೋವಿಂದಮೂರ್ತಿ ದಿಬ್ಬೂರು,ಕಿರಣ್‌ಕುಮಾರ್,ಶಿವಣ್ಣ ಇದ್ದರು.
ಪ್ರಕಾಶಕರು, ಮಾಲೀಕರು, ಮುದ್ರಕರು, ಸಂಪಾದಕರು : ಗಂಗಹನುಮಯ್ಯ, ಮುದ್ರಣ : ಶ್ರೀ ಮಾರುತಿ ಆಫ್‌ಸೆಟ್ ಪ್ರಿಂಟರ್ಸ್, ವಿ.ಆರ್.ಕಾಲೋನಿ, ಬೆಳಗುಂಬ ರಸ್ತೆ, ತುಮಕೂರು. ಫೋನ್ : 0816-2275777, ಮೊಬೈಲ್ : 9845213604, 9448769806
Publisher, Owner, Printer, Editor: Gangahanumaiah. Printed at: Maruthi Offset Printers, V.R.Colony, Belagumba Road, Tumakuru. PH: 0816-2275777, Mob:9845213604, 9448769806
